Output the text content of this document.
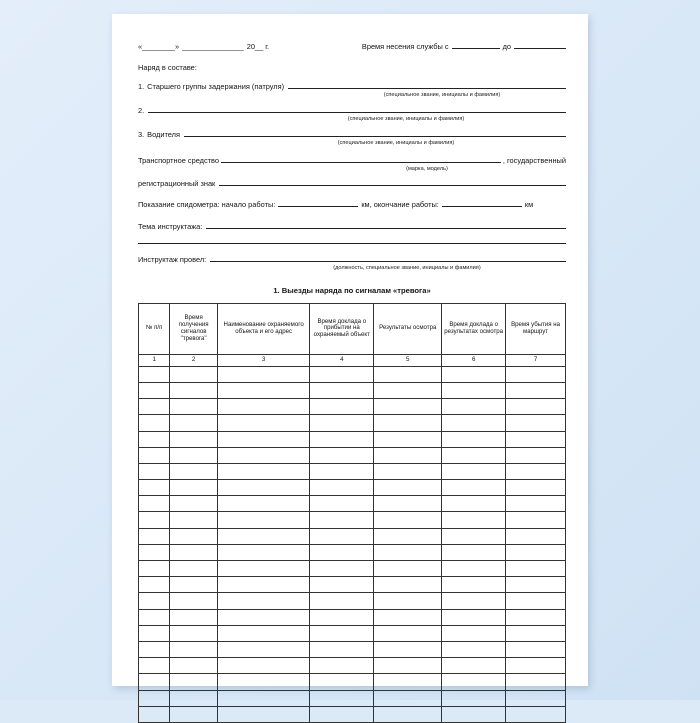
«________» _______________ 20__ г.	Время несения службы с	до
Наряд в составе:
1. Старшего группы задержания (патруля)
(специальное звание, инициалы и фамилия)
2.
(специальное звание, инициалы и фамилия)
3. Водителя
(специальное звание, инициалы и фамилия)
Транспортное средство	, государственный
(марка, модель)
регистрационный знак
Показание спидометра: начало работы:	км, окончание работы:	км
Тема инструктажа:
Инструктаж провел:
(должность, специальное звание, инициалы и фамилия)
1. Выезды наряда по сигналам «тревога»
№ п/п	Время получения сигналов "тревога"	Наименование охраняемого объекта и его адрес	Время доклада о прибытии на охраняемый объект	Результаты осмотра	Время доклада о результатах осмотра	Время убытия на маршрут
1	2	3	4	5	6	7
